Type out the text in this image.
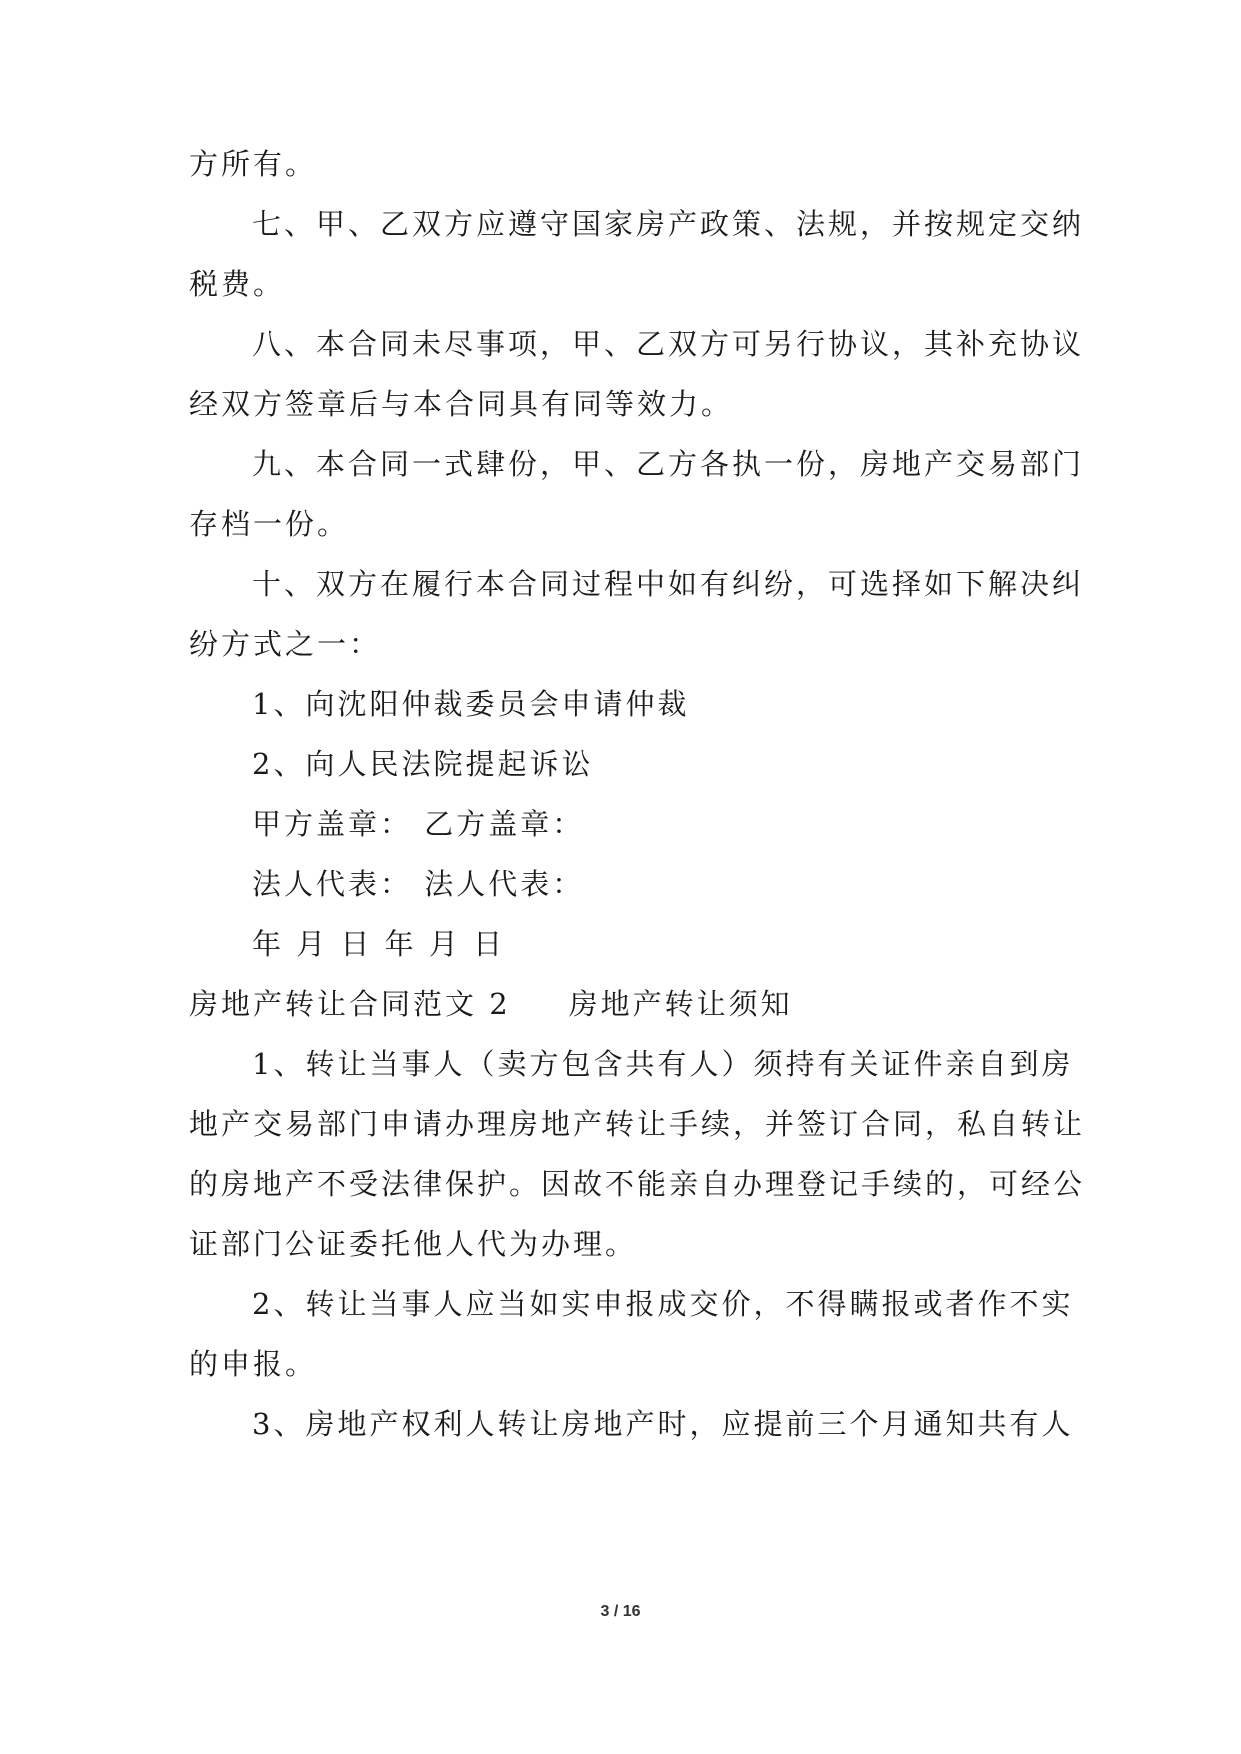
方所有。
七、甲、乙双方应遵守国家房产政策、法规，并按规定交纳
税费。
八、本合同未尽事项，甲、乙双方可另行协议，其补充协议
经双方签章后与本合同具有同等效力。
九、本合同一式肆份，甲、乙方各执一份，房地产交易部门
存档一份。
十、双方在履行本合同过程中如有纠纷，可选择如下解决纠
纷方式之一：
1、向沈阳仲裁委员会申请仲裁
2、向人民法院提起诉讼
甲方盖章： 乙方盖章：
法人代表： 法人代表：
年 月 日 年 月 日
房地产转让合同范文 2 房地产转让须知
1、转让当事人（卖方包含共有人）须持有关证件亲自到房
地产交易部门申请办理房地产转让手续，并签订合同，私自转让
的房地产不受法律保护。因故不能亲自办理登记手续的，可经公
证部门公证委托他人代为办理。
2、转让当事人应当如实申报成交价，不得瞒报或者作不实
的申报。
3、房地产权利人转让房地产时，应提前三个月通知共有人
3 / 16
